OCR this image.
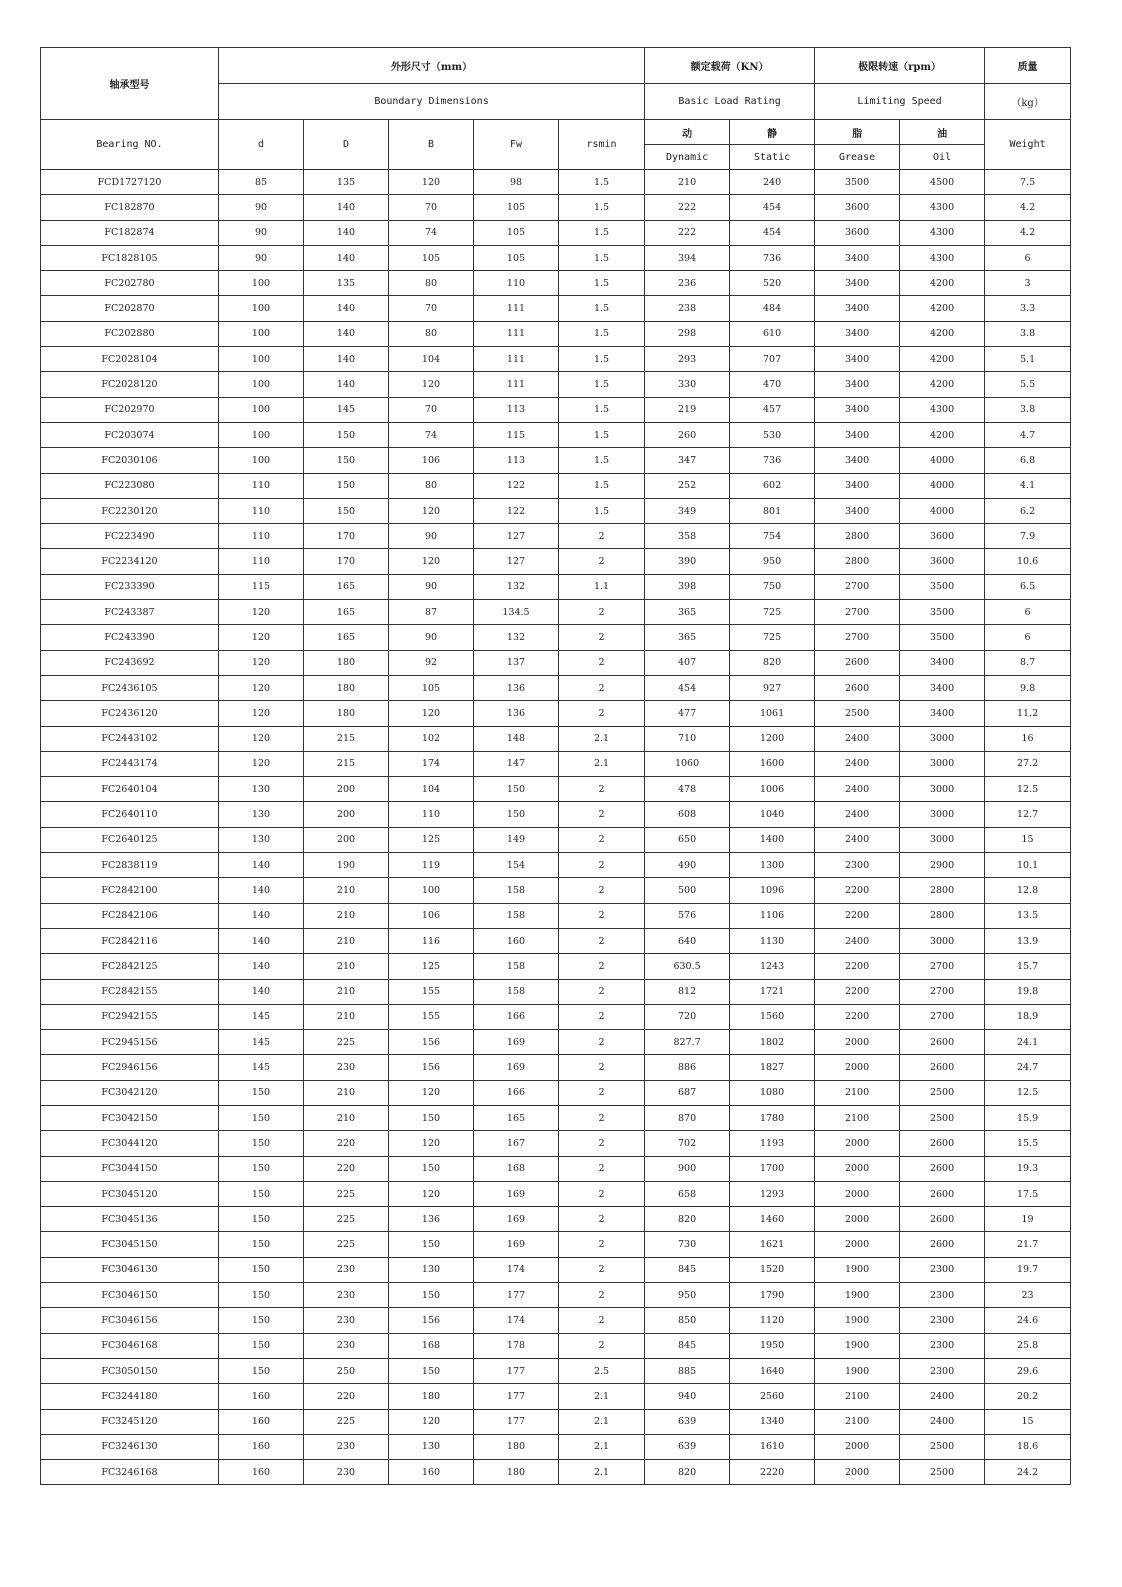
轴承型号	外形尺寸（mm）					额定载荷（KN）		极限转速（rpm）		质量
	Boundary Dimensions					Basic Load Rating		Limiting Speed		（kg）
Bearing NO.	d	D	B	Fw	rsmin	动	静	脂	油	Weight
						Dynamic	Static	Grease	Oil	
FCD1727120	85	135	120	98	1.5	210	240	3500	4500	7.5
FC182870	90	140	70	105	1.5	222	454	3600	4300	4.2
FC182874	90	140	74	105	1.5	222	454	3600	4300	4.2
FC1828105	90	140	105	105	1.5	394	736	3400	4300	6
FC202780	100	135	80	110	1.5	236	520	3400	4200	3
FC202870	100	140	70	111	1.5	238	484	3400	4200	3.3
FC202880	100	140	80	111	1.5	298	610	3400	4200	3.8
FC2028104	100	140	104	111	1.5	293	707	3400	4200	5.1
FC2028120	100	140	120	111	1.5	330	470	3400	4200	5.5
FC202970	100	145	70	113	1.5	219	457	3400	4300	3.8
FC203074	100	150	74	115	1.5	260	530	3400	4200	4.7
FC2030106	100	150	106	113	1.5	347	736	3400	4000	6.8
FC223080	110	150	80	122	1.5	252	602	3400	4000	4.1
FC2230120	110	150	120	122	1.5	349	801	3400	4000	6.2
FC223490	110	170	90	127	2	358	754	2800	3600	7.9
FC2234120	110	170	120	127	2	390	950	2800	3600	10.6
FC233390	115	165	90	132	1.1	398	750	2700	3500	6.5
FC243387	120	165	87	134.5	2	365	725	2700	3500	6
FC243390	120	165	90	132	2	365	725	2700	3500	6
FC243692	120	180	92	137	2	407	820	2600	3400	8.7
FC2436105	120	180	105	136	2	454	927	2600	3400	9.8
FC2436120	120	180	120	136	2	477	1061	2500	3400	11.2
FC2443102	120	215	102	148	2.1	710	1200	2400	3000	16
FC2443174	120	215	174	147	2.1	1060	1600	2400	3000	27.2
FC2640104	130	200	104	150	2	478	1006	2400	3000	12.5
FC2640110	130	200	110	150	2	608	1040	2400	3000	12.7
FC2640125	130	200	125	149	2	650	1400	2400	3000	15
FC2838119	140	190	119	154	2	490	1300	2300	2900	10.1
FC2842100	140	210	100	158	2	500	1096	2200	2800	12.8
FC2842106	140	210	106	158	2	576	1106	2200	2800	13.5
FC2842116	140	210	116	160	2	640	1130	2400	3000	13.9
FC2842125	140	210	125	158	2	630.5	1243	2200	2700	15.7
FC2842155	140	210	155	158	2	812	1721	2200	2700	19.8
FC2942155	145	210	155	166	2	720	1560	2200	2700	18.9
FC2945156	145	225	156	169	2	827.7	1802	2000	2600	24.1
FC2946156	145	230	156	169	2	886	1827	2000	2600	24.7
FC3042120	150	210	120	166	2	687	1080	2100	2500	12.5
FC3042150	150	210	150	165	2	870	1780	2100	2500	15.9
FC3044120	150	220	120	167	2	702	1193	2000	2600	15.5
FC3044150	150	220	150	168	2	900	1700	2000	2600	19.3
FC3045120	150	225	120	169	2	658	1293	2000	2600	17.5
FC3045136	150	225	136	169	2	820	1460	2000	2600	19
FC3045150	150	225	150	169	2	730	1621	2000	2600	21.7
FC3046130	150	230	130	174	2	845	1520	1900	2300	19.7
FC3046150	150	230	150	177	2	950	1790	1900	2300	23
FC3046156	150	230	156	174	2	850	1120	1900	2300	24.6
FC3046168	150	230	168	178	2	845	1950	1900	2300	25.8
FC3050150	150	250	150	177	2.5	885	1640	1900	2300	29.6
FC3244180	160	220	180	177	2.1	940	2560	2100	2400	20.2
FC3245120	160	225	120	177	2.1	639	1340	2100	2400	15
FC3246130	160	230	130	180	2.1	639	1610	2000	2500	18.6
FC3246168	160	230	160	180	2.1	820	2220	2000	2500	24.2
